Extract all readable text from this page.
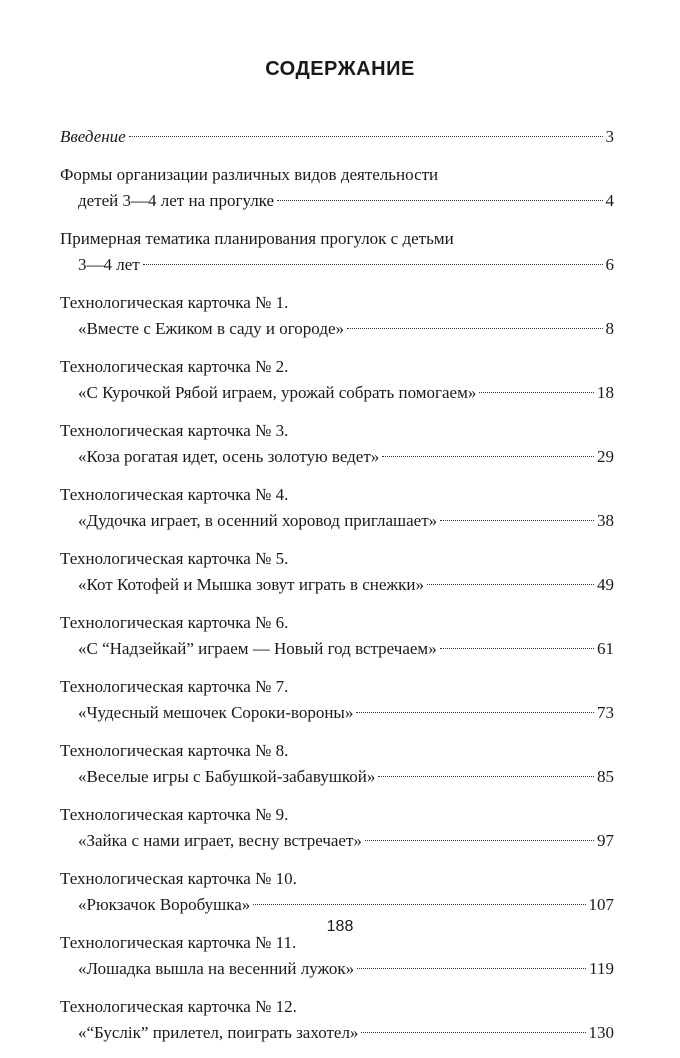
СОДЕРЖАНИЕ
Введение	3
Формы организации различных видов деятельности
детей 3—4 лет на прогулке	4
Примерная тематика планирования прогулок с детьми
3—4 лет	6
Технологическая карточка № 1.
«Вместе с Ежиком в саду и огороде»	8
Технологическая карточка № 2.
«С Курочкой Рябой играем, урожай собрать помогаем»	18
Технологическая карточка № 3.
«Коза рогатая идет, осень золотую ведет»	29
Технологическая карточка № 4.
«Дудочка играет, в осенний хоровод приглашает»	38
Технологическая карточка № 5.
«Кот Котофей и Мышка зовут играть в снежки»	49
Технологическая карточка № 6.
«С “Надзейкай” играем — Новый год встречаем»	61
Технологическая карточка № 7.
«Чудесный мешочек Сороки-вороны»	73
Технологическая карточка № 8.
«Веселые игры с Бабушкой-забавушкой»	85
Технологическая карточка № 9.
«Зайка с нами играет, весну встречает»	97
Технологическая карточка № 10.
«Рюкзачок Воробушка»	107
Технологическая карточка № 11.
«Лошадка вышла на весенний лужок»	119
Технологическая карточка № 12.
«“Буслік” прилетел, поиграть захотел»	130
188
